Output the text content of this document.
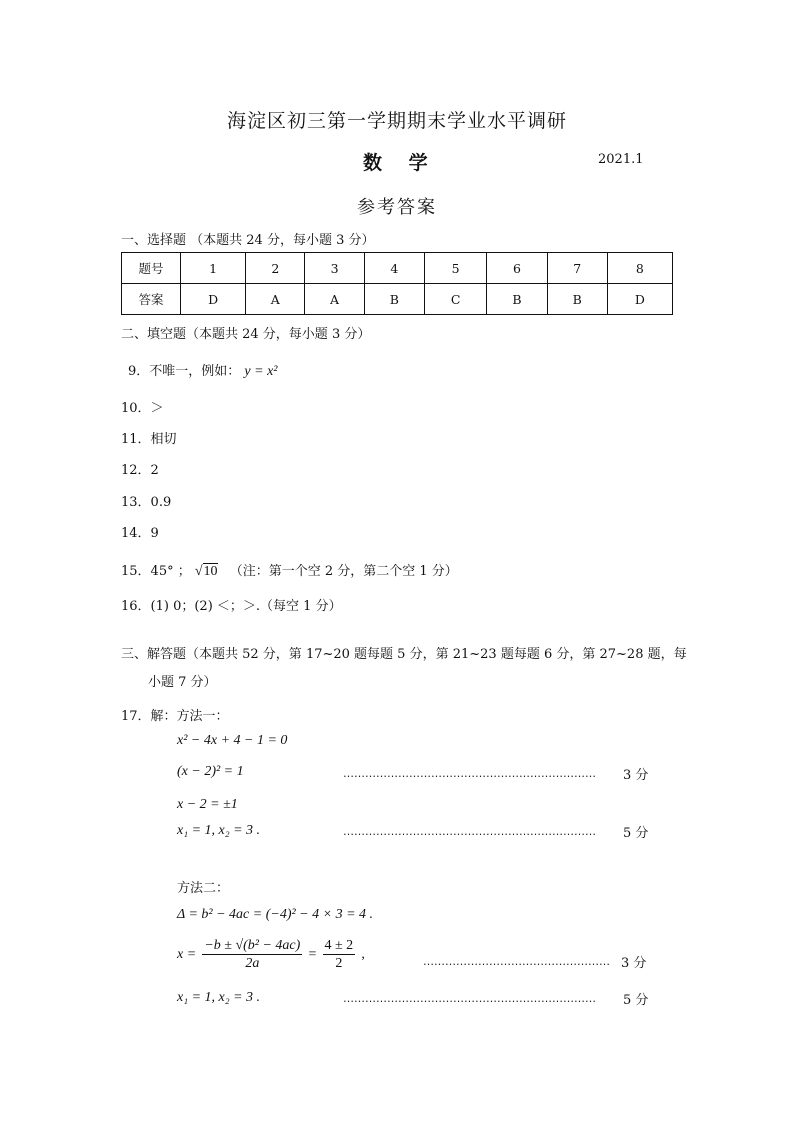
海淀区初三第一学期期末学业水平调研
数 学	2021.1
参考答案
一、选择题 （本题共 24 分，每小题 3 分）
题号	1	2	3	4	5	6	7	8
答案	D	A	A	B	C	B	B	D
二、填空题（本题共 24 分，每小题 3 分）
9．不唯一，例如： y = x²
10．＞
11．相切
12．2
13．0.9
14．9
15．45° ； √10 （注：第一个空 2 分，第二个空 1 分）
16．(1) 0；(2) ＜；＞.（每空 1 分）
三、解答题（本题共 52 分，第 17~20 题每题 5 分，第 21~23 题每题 6 分，第 27~28 题，每
小题 7 分）
17．解：方法一：
x² − 4x + 4 − 1 = 0
(x − 2)² = 1	…………………………………………………………… 3 分
x − 2 = ±1
x₁ = 1, x₂ = 3 .	…………………………………………………………… 5 分
方法二：
Δ = b² − 4ac = (−4)² − 4 × 3 = 4 .
$x = \frac{\text{−b ± √(b² − 4ac)}}{2a} = \frac{4 \pm 2}{2}$ ,	…………………………………………… 3 分
x₁ = 1, x₂ = 3 .	…………………………………………………………… 5 分
